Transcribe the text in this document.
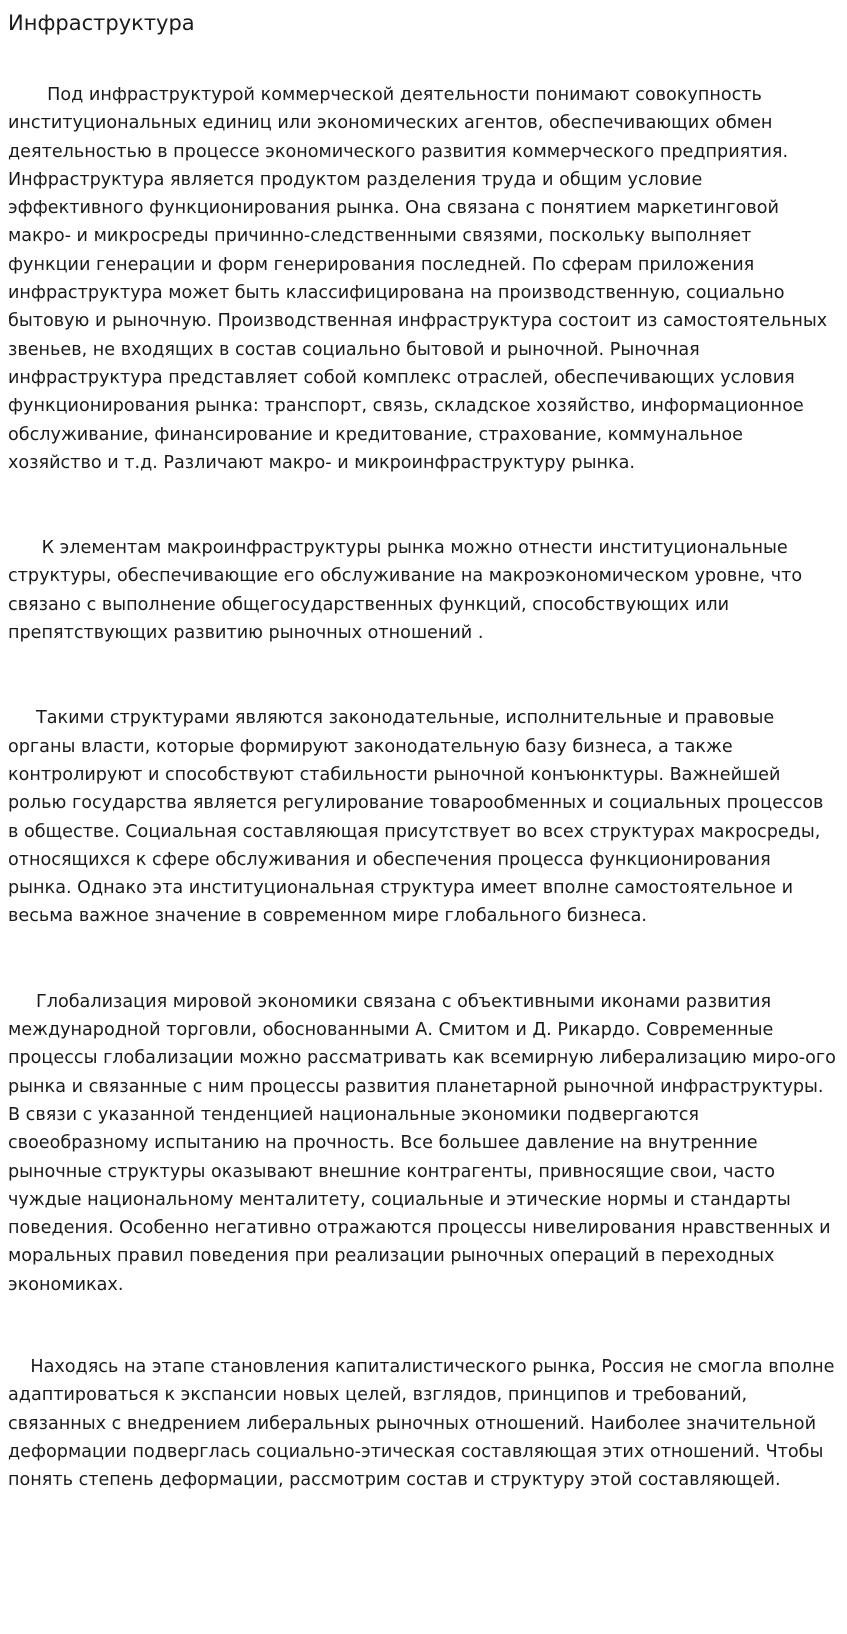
Инфраструктура

Под инфраструктурой коммерческой деятельности понимают совокупность институциональных единиц или экономических агентов, обеспечивающих обмен деятельностью в процессе экономического развития коммерческого предприятия. Инфраструктура является продуктом разделения труда и общим условие эффективного функционирования рынка. Она связана с понятием маркетинговой макро- и микросреды причинно-следственными связями, поскольку выполняет функции генерации и форм генерирования последней. По сферам приложения инфраструктура может быть классифицирована на производственную, социально бытовую и рыночную. Производственная инфраструктура состоит из самостоятельных звеньев, не входящих в состав социально бытовой и рыночной. Рыночная инфраструктура представляет собой комплекс отраслей, обеспечивающих условия функционирования рынка: транспорт, связь, складское хозяйство, информационное обслуживание, финансирование и кредитование, страхование, коммунальное хозяйство и т.д. Различают макро- и микроинфраструктуру рынка.

К элементам макроинфраструктуры рынка можно отнести институциональные структуры, обеспечивающие его обслуживание на макроэкономическом уровне, что связано с выполнение общегосударственных функций, способствующих или препятствующих развитию рыночных отношений .

Такими структурами являются законодательные, исполнительные и правовые органы власти, которые формируют законодательную базу бизнеса, а также контролируют и способствуют стабильности рыночной конъюнктуры. Важнейшей ролью государства является регулирование товарообменных и социальных процессов в обществе. Социальная составляющая присутствует во всех структурах макросреды, относящихся к сфере обслуживания и обеспечения процесса функционирования рынка. Однако эта институциональная структура имеет вполне самостоятельное и весьма важное значение в современном мире глобального бизнеса.

Глобализация мировой экономики связана с объективными иконами развития международной торговли, обоснованными А. Смитом и Д. Рикардо. Современные процессы глобализации можно рассматривать как всемирную либерализацию миро-ого рынка и связанные с ним процессы развития планетарной рыночной инфраструктуры. В связи с указанной тенденцией национальные экономики подвергаются своеобразному испытанию на прочность. Все большее давление на внутренние рыночные структуры оказывают внешние контрагенты, привносящие свои, часто чуждые национальному менталитету, социальные и этические нормы и стандарты поведения. Особенно негативно отражаются процессы нивелирования нравственных и моральных правил поведения при реализации рыночных операций в переходных экономиках.

Находясь на этапе становления капиталистического рынка, Россия не смогла вполне адаптироваться к экспансии новых целей, взглядов, принципов и требований, связанных с внедрением либеральных рыночных отношений. Наиболее значительной деформации подверглась социально-этическая составляющая этих отношений. Чтобы понять степень деформации, рассмотрим состав и структуру этой составляющей.
